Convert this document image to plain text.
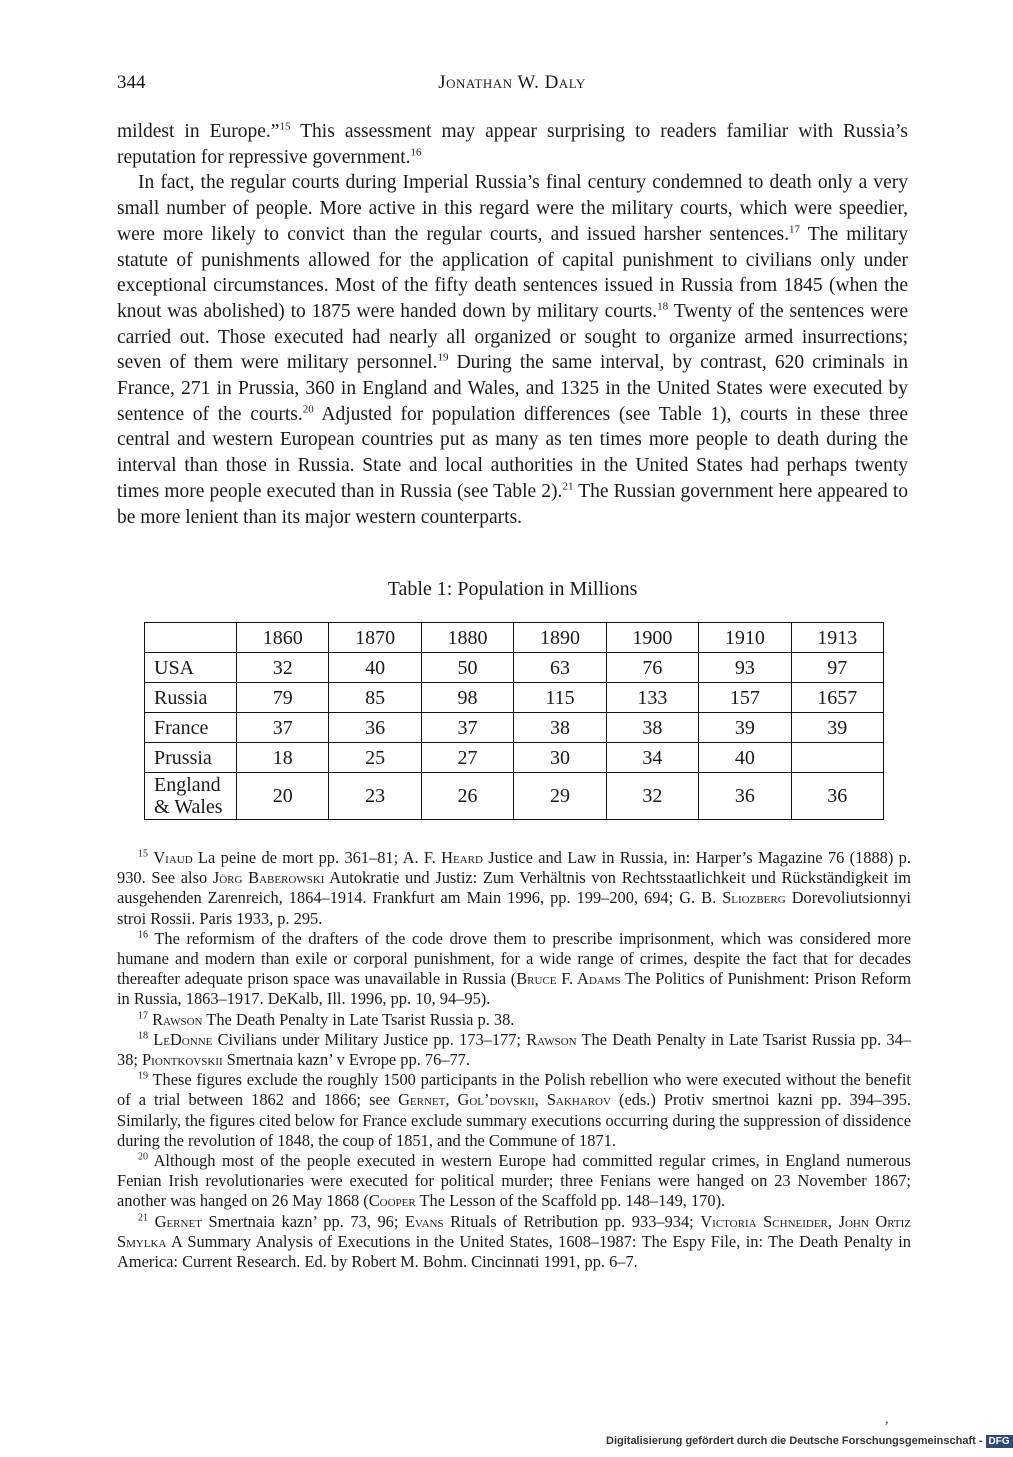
344	Jonathan W. Daly

mildest in Europe.”$^{15}$ This assessment may appear surprising to readers familiar with Russia’s reputation for repressive government.$^{16}$

In fact, the regular courts during Imperial Russia’s final century condemned to death only a very small number of people. More active in this regard were the military courts, which were speedier, were more likely to convict than the regular courts, and issued harsher sentences.$^{17}$ The military statute of punishments allowed for the application of capital punishment to civilians only under exceptional circumstances. Most of the fifty death sentences issued in Russia from 1845 (when the knout was abolished) to 1875 were handed down by military courts.$^{18}$ Twenty of the sentences were carried out. Those executed had nearly all organized or sought to organize armed insurrections; seven of them were military personnel.$^{19}$ During the same interval, by contrast, 620 criminals in France, 271 in Prussia, 360 in England and Wales, and 1325 in the United States were executed by sentence of the courts.$^{20}$ Adjusted for population differences (see Table 1), courts in these three central and western European countries put as many as ten times more people to death during the interval than those in Russia. State and local authorities in the United States had perhaps twenty times more people executed than in Russia (see Table 2).$^{21}$ The Russian government here appeared to be more lenient than its major western counterparts.

Table 1: Population in Millions
	1860	1870	1880	1890	1900	1910	1913
USA	32	40	50	63	76	93	97
Russia	79	85	98	115	133	157	1657
France	37	36	37	38	38	39	39
Prussia	18	25	27	30	34	40	
England
& Wales	20	23	26	29	32	36	36

$^{15}$ Viaud La peine de mort pp. 361–81; A. F. Heard Justice and Law in Russia, in: Harper’s Magazine 76 (1888) p. 930. See also Jörg Baberowski Autokratie und Justiz: Zum Verhältnis von Rechtsstaatlichkeit und Rückständigkeit im ausgehenden Zarenreich, 1864–1914. Frankfurt am Main 1996, pp. 199–200, 694; G. B. Sliozberg Dorevoliutsionnyi stroi Rossii. Paris 1933, p. 295.

$^{16}$ The reformism of the drafters of the code drove them to prescribe imprisonment, which was considered more humane and modern than exile or corporal punishment, for a wide range of crimes, despite the fact that for decades thereafter adequate prison space was unavailable in Russia (Bruce F. Adams The Politics of Punishment: Prison Reform in Russia, 1863–1917. DeKalb, Ill. 1996, pp. 10, 94–95).

$^{17}$ Rawson The Death Penalty in Late Tsarist Russia p. 38.

$^{18}$ LeDonne Civilians under Military Justice pp. 173–177; Rawson The Death Penalty in Late Tsarist Russia pp. 34–38; Piontkovskii Smertnaia kazn’ v Evrope pp. 76–77.

$^{19}$ These figures exclude the roughly 1500 participants in the Polish rebellion who were executed without the benefit of a trial between 1862 and 1866; see Gernet, Gol’dovskii, Sakharov (eds.) Protiv smertnoi kazni pp. 394–395. Similarly, the figures cited below for France exclude summary executions occurring during the suppression of dissidence during the revolution of 1848, the coup of 1851, and the Commune of 1871.

$^{20}$ Although most of the people executed in western Europe had committed regular crimes, in England numerous Fenian Irish revolutionaries were executed for political murder; three Fenians were hanged on 23 November 1867; another was hanged on 26 May 1868 (Cooper The Lesson of the Scaffold pp. 148–149, 170).

$^{21}$ Gernet Smertnaia kazn’ pp. 73, 96; Evans Rituals of Retribution pp. 933–934; Victoria Schneider, John Ortiz Smylka A Summary Analysis of Executions in the United States, 1608–1987: The Espy File, in: The Death Penalty in America: Current Research. Ed. by Robert M. Bohm. Cincinnati 1991, pp. 6–7.

,
Digitalisierung gefördert durch die Deutsche Forschungsgemeinschaft - DFG
